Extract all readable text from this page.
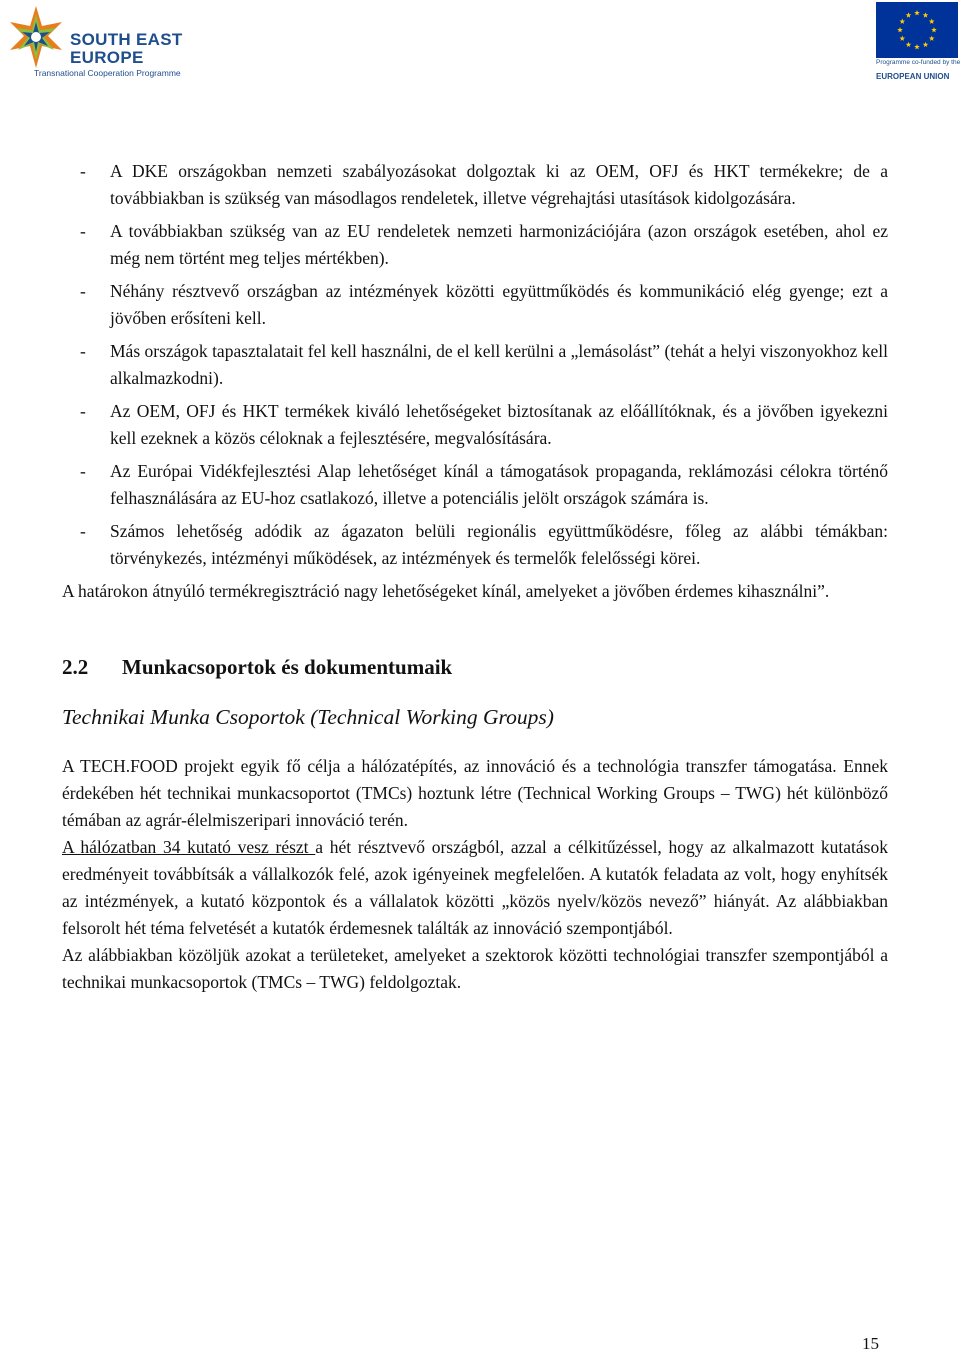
SOUTH EAST
EUROPE
Transnational Cooperation Programme
Programme co-funded by the
EUROPEAN UNION
- A DKE országokban nemzeti szabályozásokat dolgoztak ki az OEM, OFJ és HKT termékekre; de a továbbiakban is szükség van másodlagos rendeletek, illetve végrehajtási utasítások kidolgozására.
- A továbbiakban szükség van az EU rendeletek nemzeti harmonizációjára (azon országok esetében, ahol ez még nem történt meg teljes mértékben).
- Néhány résztvevő országban az intézmények közötti együttműködés és kommunikáció elég gyenge; ezt a jövőben erősíteni kell.
- Más országok tapasztalatait fel kell használni, de el kell kerülni a „lemásolást” (tehát a helyi viszonyokhoz kell alkalmazkodni).
- Az OEM, OFJ és HKT termékek kiváló lehetőségeket biztosítanak az előállítóknak, és a jövőben igyekezni kell ezeknek a közös céloknak a fejlesztésére, megvalósítására.
- Az Európai Vidékfejlesztési Alap lehetőséget kínál a támogatások propaganda, reklámozási célokra történő felhasználására az EU-hoz csatlakozó, illetve a potenciális jelölt országok számára is.
- Számos lehetőség adódik az ágazaton belüli regionális együttműködésre, főleg az alábbi témákban: törvénykezés, intézményi működések, az intézmények és termelők felelősségi körei.

A határokon átnyúló termékregisztráció nagy lehetőségeket kínál, amelyeket a jövőben érdemes kihasználni”.

2.2 Munkacsoportok és dokumentumaik
Technikai Munka Csoportok (Technical Working Groups)

A TECH.FOOD projekt egyik fő célja a hálózatépítés, az innováció és a technológia transzfer támogatása. Ennek érdekében hét technikai munkacsoportot (TMCs) hoztunk létre (Technical Working Groups – TWG) hét különböző témában az agrár-élelmiszeripari innováció terén.

A hálózatban 34 kutató vesz részt a hét résztvevő országból, azzal a célkitűzéssel, hogy az alkalmazott kutatások eredményeit továbbítsák a vállalkozók felé, azok igényeinek megfelelően. A kutatók feladata az volt, hogy enyhítsék az intézmények, a kutató központok és a vállalatok közötti „közös nyelv/közös nevező” hiányát. Az alábbiakban felsorolt hét téma felvetését a kutatók érdemesnek találták az innováció szempontjából.

Az alábbiakban közöljük azokat a területeket, amelyeket a szektorok közötti technológiai transzfer szempontjából a technikai munkacsoportok (TMCs – TWG) feldolgoztak.

15
